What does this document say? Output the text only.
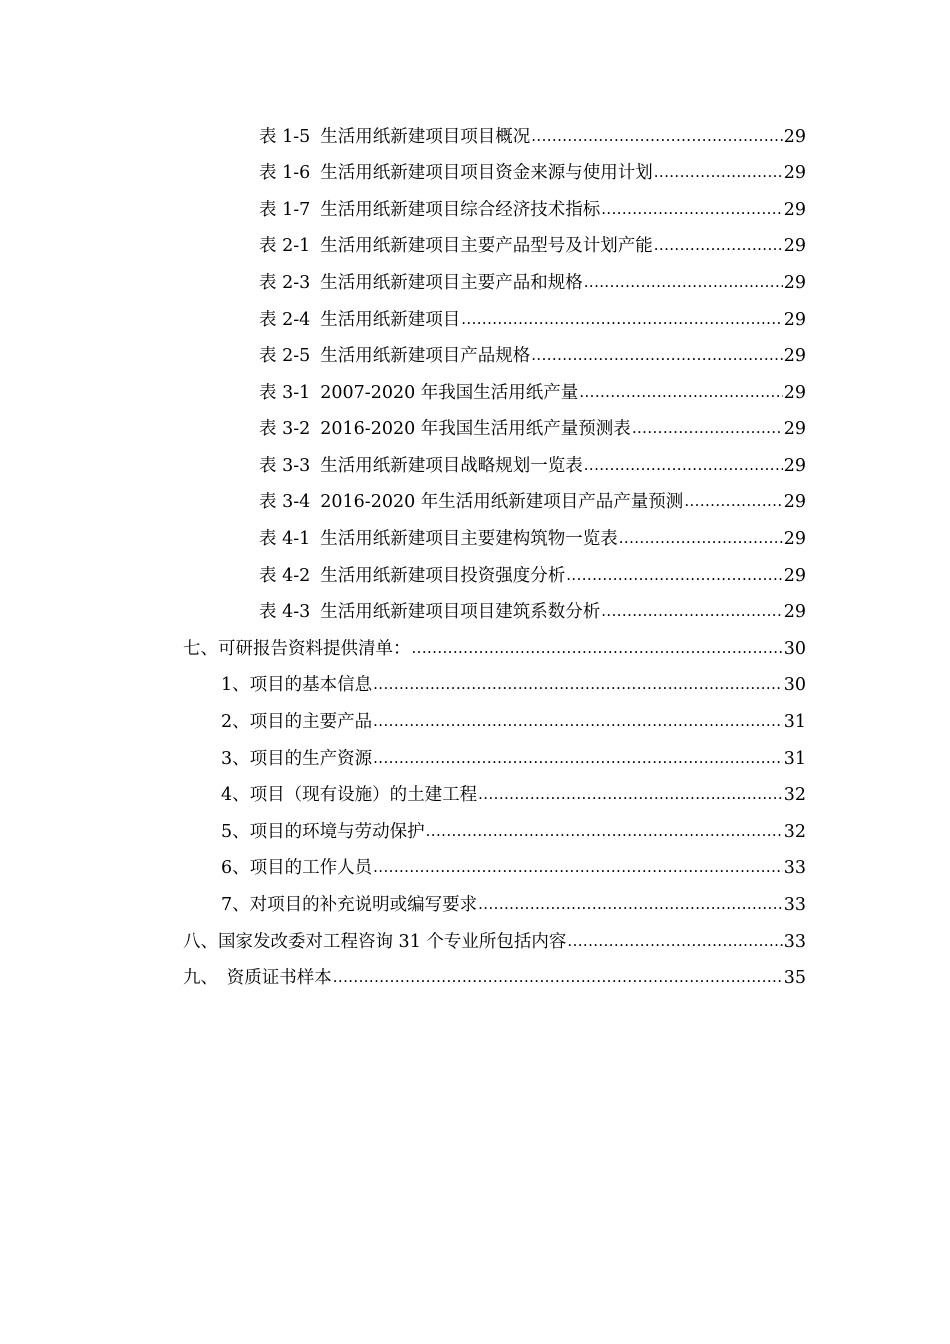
表 1-5 生活用纸新建项目项目概况 .....	29
表 1-6 生活用纸新建项目项目资金来源与使用计划 .....	29
表 1-7 生活用纸新建项目综合经济技术指标 .....	29
表 2-1 生活用纸新建项目主要产品型号及计划产能 .....	29
表 2-3 生活用纸新建项目主要产品和规格 .....	29
表 2-4 生活用纸新建项目 .....	29
表 2-5 生活用纸新建项目产品规格 .....	29
表 3-1 2007-2020 年我国生活用纸产量 .....	29
表 3-2 2016-2020 年我国生活用纸产量预测表 .....	29
表 3-3 生活用纸新建项目战略规划一览表 .....	29
表 3-4 2016-2020 年生活用纸新建项目产品产量预测 .....	29
表 4-1 生活用纸新建项目主要建构筑物一览表 .....	29
表 4-2 生活用纸新建项目投资强度分析 .....	29
表 4-3 生活用纸新建项目项目建筑系数分析 .....	29
七、可研报告资料提供清单： .....	30
1、项目的基本信息 .....	30
2、项目的主要产品 .....	31
3、项目的生产资源 .....	31
4、项目（现有设施）的土建工程 .....	32
5、项目的环境与劳动保护 .....	32
6、项目的工作人员 .....	33
7、对项目的补充说明或编写要求 .....	33
八、国家发改委对工程咨询 31 个专业所包括内容 .....	33
九、　资质证书样本 .....	35
